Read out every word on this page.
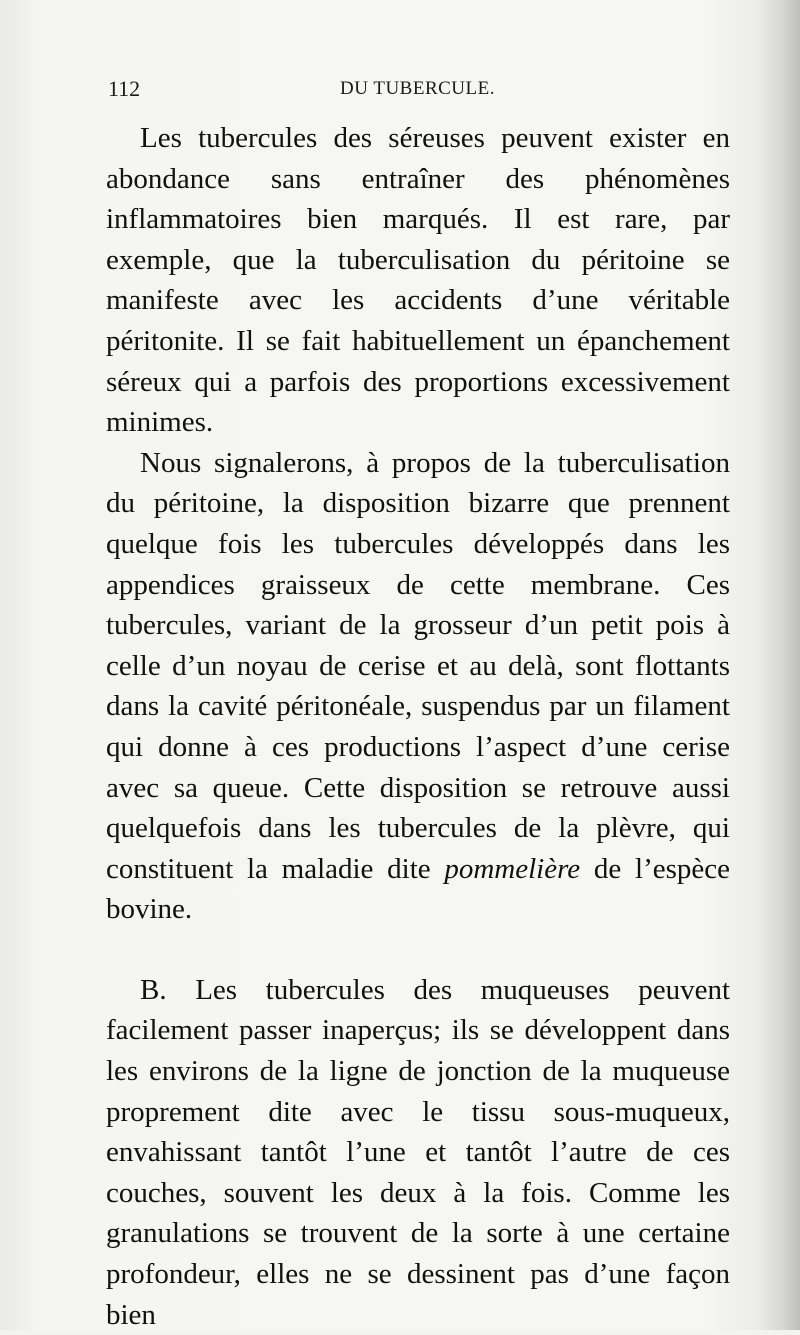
112	DU TUBERCULE.

Les tubercules des séreuses peuvent exister en abondance sans entraîner des phénomènes inflammatoires bien marqués. Il est rare, par exemple, que la tuberculisation du péritoine se manifeste avec les accidents d’une véritable péritonite. Il se fait habituellement un épanchement séreux qui a parfois des proportions excessivement minimes.

Nous signalerons, à propos de la tuberculisation du péritoine, la disposition bizarre que prennent quelque fois les tubercules développés dans les appendices graisseux de cette membrane. Ces tubercules, variant de la grosseur d’un petit pois à celle d’un noyau de cerise et au delà, sont flottants dans la cavité péritonéale, suspendus par un filament qui donne à ces productions l’aspect d’une cerise avec sa queue. Cette disposition se retrouve aussi quelquefois dans les tubercules de la plèvre, qui constituent la maladie dite pommelière de l’espèce bovine.

B. Les tubercules des muqueuses peuvent facilement passer inaperçus; ils se développent dans les environs de la ligne de jonction de la muqueuse proprement dite avec le tissu sous-muqueux, envahissant tantôt l’une et tantôt l’autre de ces couches, souvent les deux à la fois. Comme les granulations se trouvent de la sorte à une certaine profondeur, elles ne se dessinent pas d’une façon bien
